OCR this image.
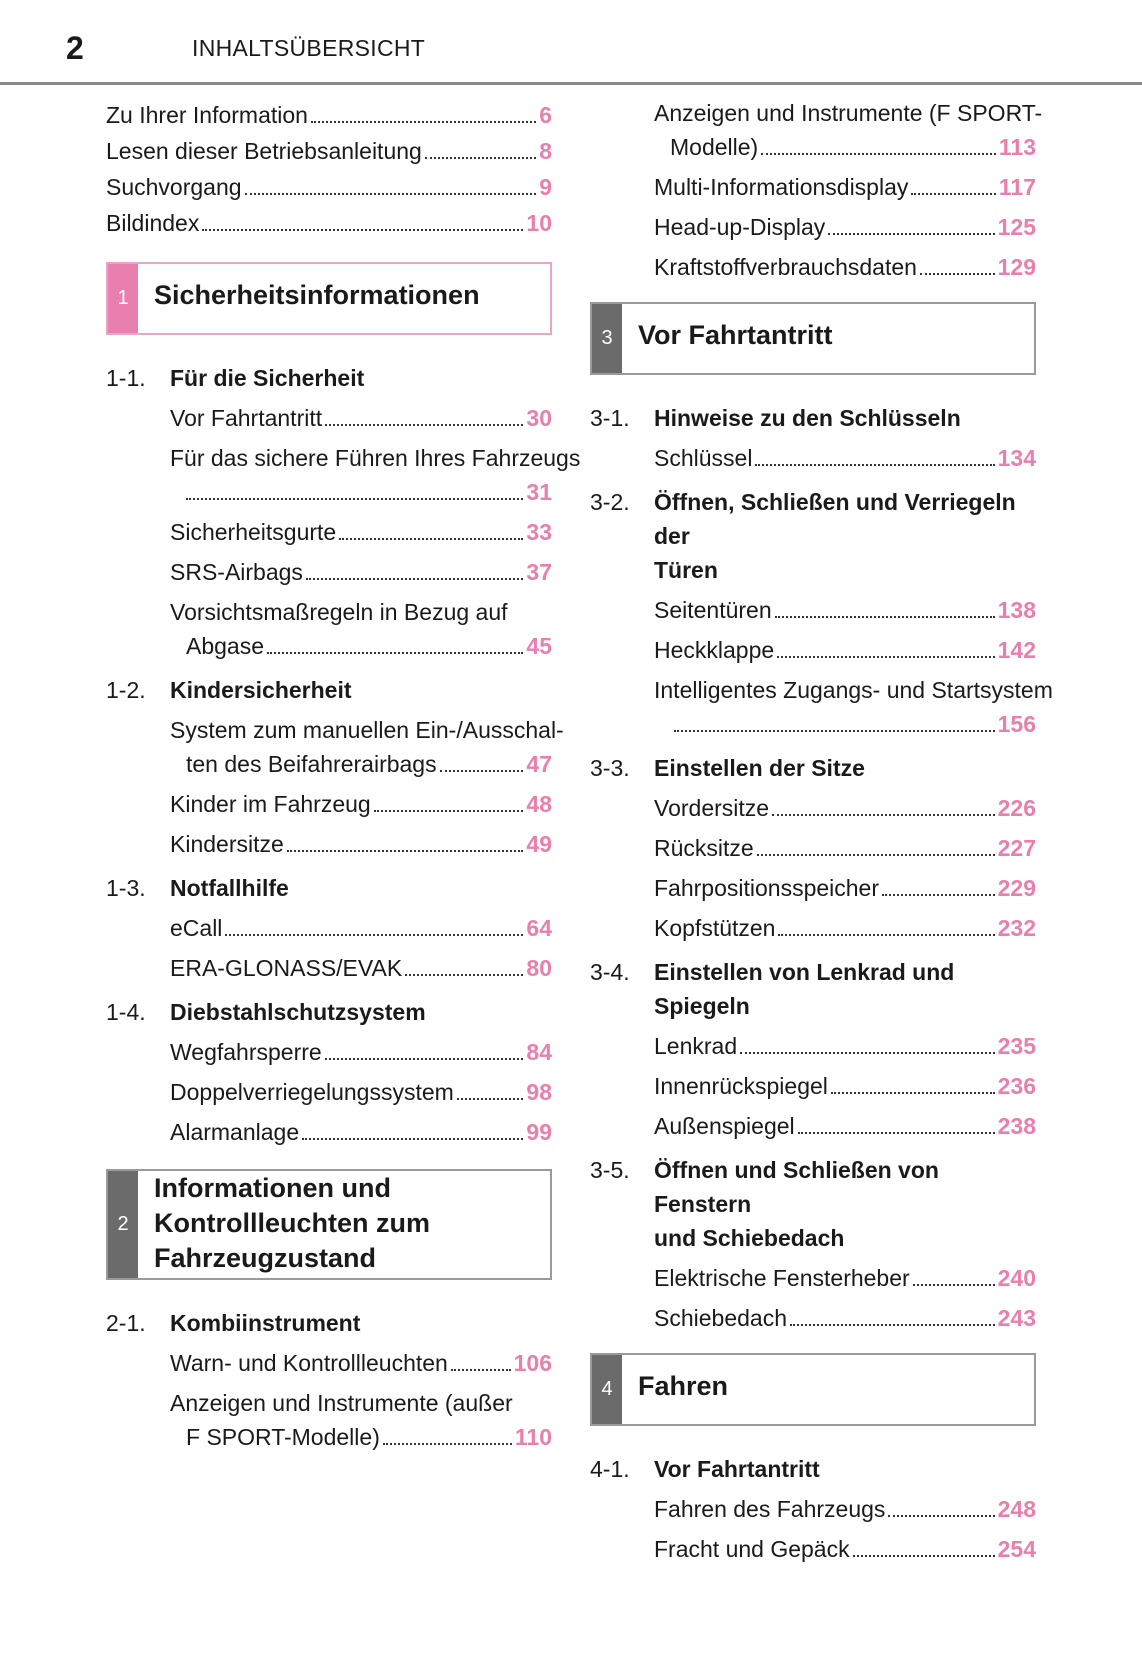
2	INHALTSÜBERSICHT
Zu Ihrer Information	6
Lesen dieser Betriebsanleitung	8
Suchvorgang	9
Bildindex	10
1 Sicherheitsinformationen
1-1.	Für die Sicherheit
Vor Fahrtantritt	30
Für das sichere Führen Ihres Fahrzeugs
31
Sicherheitsgurte	33
SRS-Airbags	37
Vorsichtsmaßregeln in Bezug auf
Abgase	45
1-2.	Kindersicherheit
System zum manuellen Ein-/Ausschal-
ten des Beifahrerairbags	47
Kinder im Fahrzeug	48
Kindersitze	49
1-3.	Notfallhilfe
eCall	64
ERA-GLONASS/EVAK	80
1-4.	Diebstahlschutzsystem
Wegfahrsperre	84
Doppelverriegelungssystem	98
Alarmanlage	99
2
Informationen und
Kontrollleuchten zum
Fahrzeugzustand
2-1.	Kombiinstrument
Warn- und Kontrollleuchten	106
Anzeigen und Instrumente (außer
F SPORT-Modelle)	110
Anzeigen und Instrumente (F SPORT-
Modelle)	113
Multi-Informationsdisplay	117
Head-up-Display	125
Kraftstoffverbrauchsdaten	129
3 Vor Fahrtantritt
3-1.	Hinweise zu den Schlüsseln
Schlüssel	134
3-2.	Öffnen, Schließen und Verriegeln der
Türen
Seitentüren	138
Heckklappe	142
Intelligentes Zugangs- und Startsystem
156
3-3.	Einstellen der Sitze
Vordersitze	226
Rücksitze	227
Fahrpositionsspeicher	229
Kopfstützen	232
3-4.	Einstellen von Lenkrad und Spiegeln
Lenkrad	235
Innenrückspiegel	236
Außenspiegel	238
3-5.	Öffnen und Schließen von Fenstern
und Schiebedach
Elektrische Fensterheber	240
Schiebedach	243
4 Fahren
4-1.	Vor Fahrtantritt
Fahren des Fahrzeugs	248
Fracht und Gepäck	254
